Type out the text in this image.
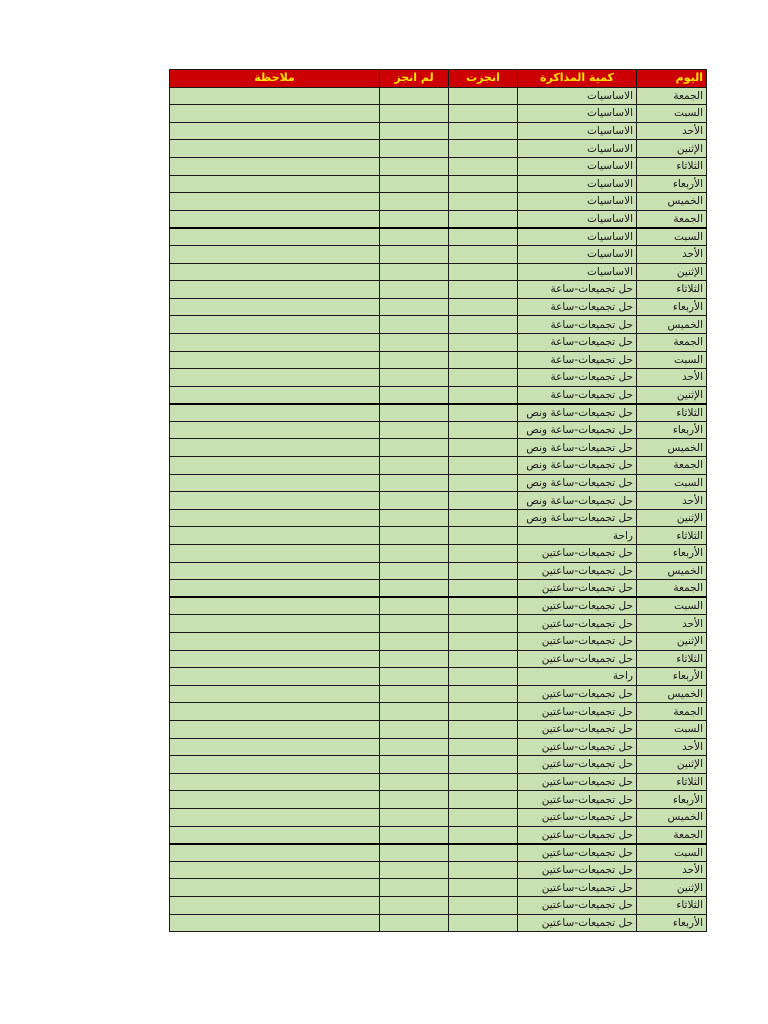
اليوم	كمية المذاكرة	انجزت	لم انجز	ملاحظة
الجمعة	الاساسيات			
السبت	الاساسيات			
الأحد	الاساسيات			
الإثنين	الاساسيات			
الثلاثاء	الاساسيات			
الأربعاء	الاساسيات			
الخميس	الاساسيات			
الجمعة	الاساسيات			
السبت	الاساسيات			
الأحد	الاساسيات			
الإثنين	الاساسيات			
الثلاثاء	حل تجميعات-ساعة			
الأربعاء	حل تجميعات-ساعة			
الخميس	حل تجميعات-ساعة			
الجمعة	حل تجميعات-ساعة			
السبت	حل تجميعات-ساعة			
الأحد	حل تجميعات-ساعة			
الإثنين	حل تجميعات-ساعة			
الثلاثاء	حل تجميعات-ساعة ونص			
الأربعاء	حل تجميعات-ساعة ونص			
الخميس	حل تجميعات-ساعة ونص			
الجمعة	حل تجميعات-ساعة ونص			
السبت	حل تجميعات-ساعة ونص			
الأحد	حل تجميعات-ساعة ونص			
الإثنين	حل تجميعات-ساعة ونص			
الثلاثاء	راحة			
الأربعاء	حل تجميعات-ساعتين			
الخميس	حل تجميعات-ساعتين			
الجمعة	حل تجميعات-ساعتين			
السبت	حل تجميعات-ساعتين			
الأحد	حل تجميعات-ساعتين			
الإثنين	حل تجميعات-ساعتين			
الثلاثاء	حل تجميعات-ساعتين			
الأربعاء	راحة			
الخميس	حل تجميعات-ساعتين			
الجمعة	حل تجميعات-ساعتين			
السبت	حل تجميعات-ساعتين			
الأحد	حل تجميعات-ساعتين			
الإثنين	حل تجميعات-ساعتين			
الثلاثاء	حل تجميعات-ساعتين			
الأربعاء	حل تجميعات-ساعتين			
الخميس	حل تجميعات-ساعتين			
الجمعة	حل تجميعات-ساعتين			
السبت	حل تجميعات-ساعتين			
الأحد	حل تجميعات-ساعتين			
الإثنين	حل تجميعات-ساعتين			
الثلاثاء	حل تجميعات-ساعتين			
الأربعاء	حل تجميعات-ساعتين			
